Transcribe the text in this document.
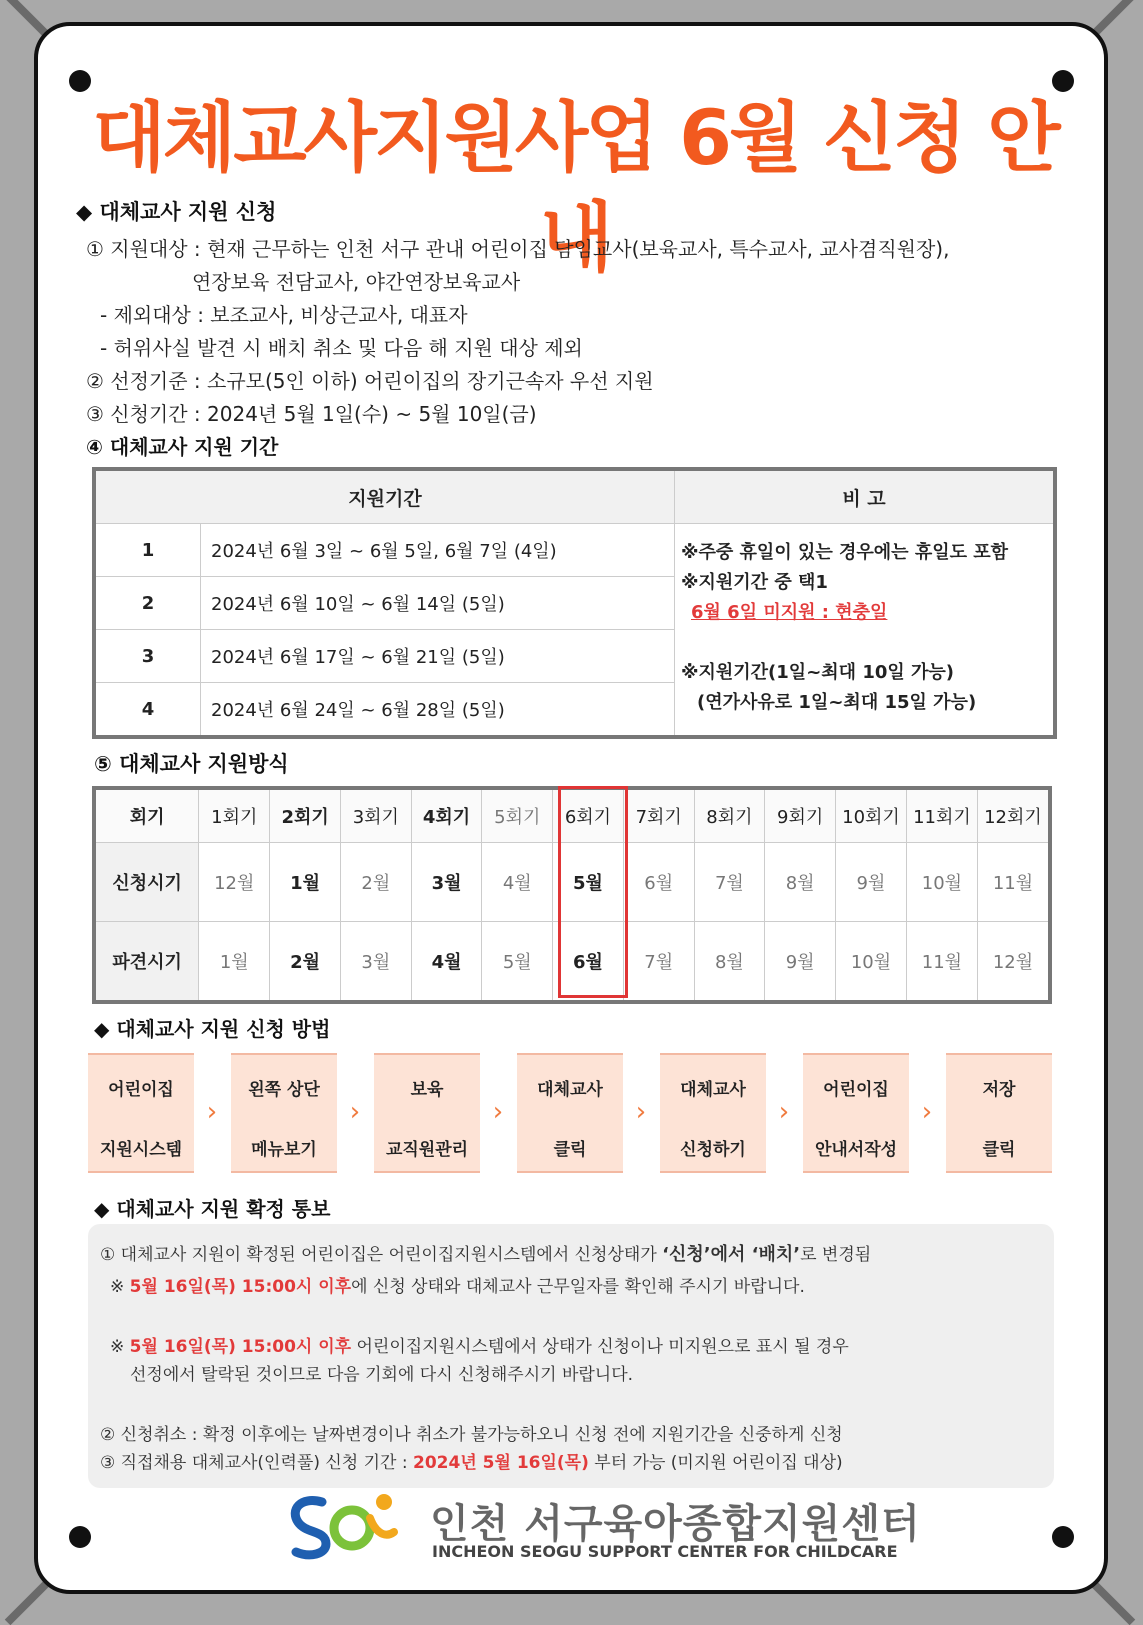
대체교사지원사업 6월 신청 안내
◆ 대체교사 지원 신청
① 지원대상 : 현재 근무하는 인천 서구 관내 어린이집 담임교사(보육교사, 특수교사, 교사겸직원장),
연장보육 전담교사, 야간연장보육교사
- 제외대상 : 보조교사, 비상근교사, 대표자
- 허위사실 발견 시 배치 취소 및 다음 해 지원 대상 제외
② 선정기준 : 소규모(5인 이하) 어린이집의 장기근속자 우선 지원
③ 신청기간 : 2024년 5월 1일(수) ~ 5월 10일(금)
④ 대체교사 지원 기간
지원기간		비 고
1	2024년 6월 3일 ~ 6월 5일, 6월 7일 (4일)	※주중 휴일이 있는 경우에는 휴일도 포함
※지원기간 중 택1
6월 6일 미지원 : 현충일
※지원기간(1일~최대 10일 가능)
(연가사유로 1일~최대 15일 가능)

2	2024년 6월 10일 ~ 6월 14일 (5일)	
3	2024년 6월 17일 ~ 6월 21일 (5일)	
4	2024년 6월 24일 ~ 6월 28일 (5일)	
⑤ 대체교사 지원방식
회기	1회기	2회기	3회기	4회기	5회기	6회기	7회기	8회기	9회기	10회기	11회기	12회기
신청시기	12월	1월	2월	3월	4월	5월	6월	7월	8월	9월	10월	11월
파견시기	1월	2월	3월	4월	5월	6월	7월	8월	9월	10월	11월	12월
◆ 대체교사 지원 신청 방법
어린이집
지원시스템
›
왼쪽 상단
메뉴보기
›
보육
교직원관리
›
대체교사
클릭
›
대체교사
신청하기
›
어린이집
안내서작성
›
저장
클릭
◆ 대체교사 지원 확정 통보
① 대체교사 지원이 확정된 어린이집은 어린이집지원시스템에서 신청상태가 ‘신청’에서 ‘배치’로 변경됨
※ 5월 16일(목) 15:00시 이후에 신청 상태와 대체교사 근무일자를 확인해 주시기 바랍니다.
※ 5월 16일(목) 15:00시 이후 어린이집지원시스템에서 상태가 신청이나 미지원으로 표시 될 경우
선정에서 탈락된 것이므로 다음 기회에 다시 신청해주시기 바랍니다.
② 신청취소 : 확정 이후에는 날짜변경이나 취소가 불가능하오니 신청 전에 지원기간을 신중하게 신청
③ 직접채용 대체교사(인력풀) 신청 기간 : 2024년 5월 16일(목) 부터 가능 (미지원 어린이집 대상)
인천 서구육아종합지원센터
INCHEON SEOGU SUPPORT CENTER FOR CHILDCARE
